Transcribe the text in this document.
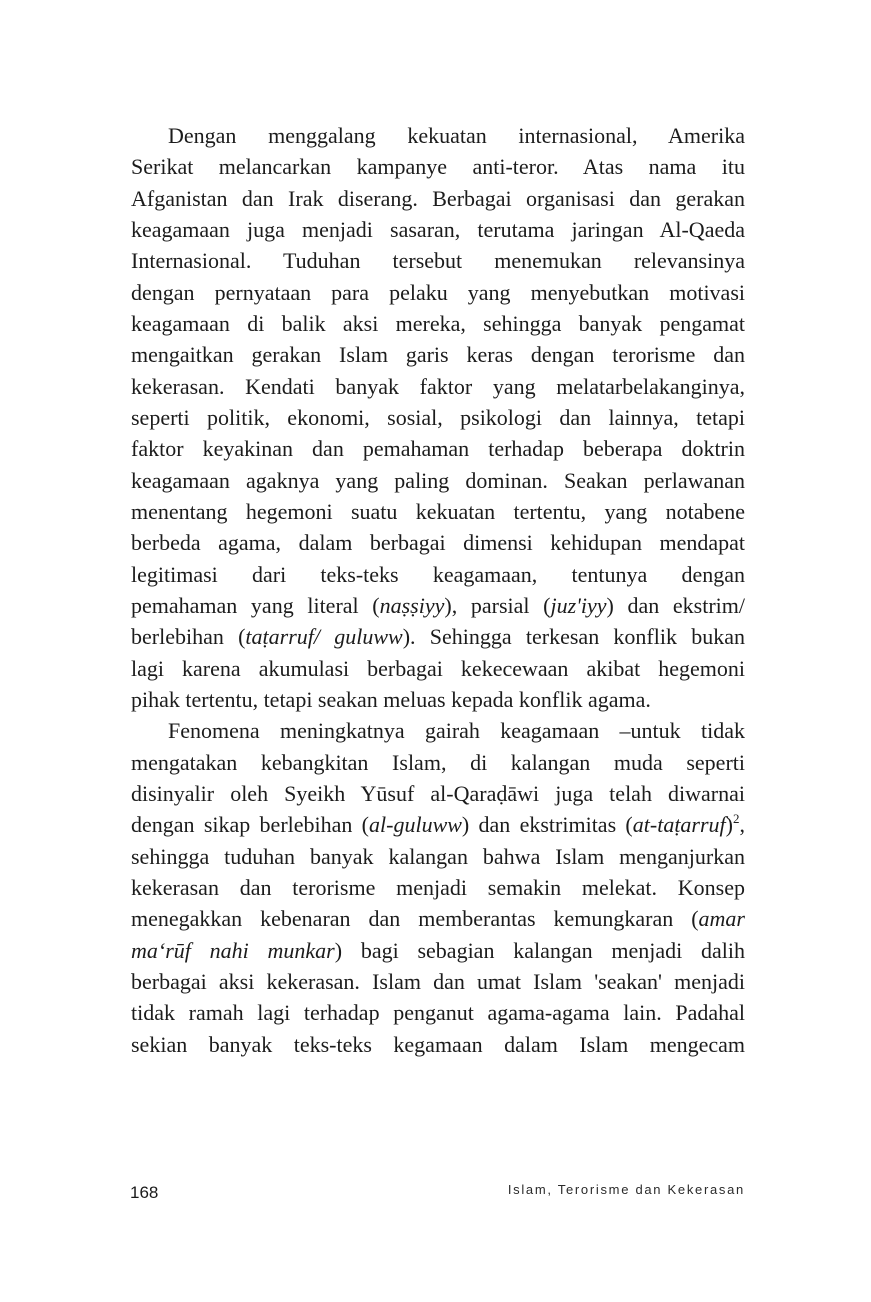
Dengan menggalang kekuatan internasional, Amerika
Serikat melancarkan kampanye anti-teror. Atas nama itu
Afganistan dan Irak diserang. Berbagai organisasi dan gerakan
keagamaan juga menjadi sasaran, terutama jaringan Al-Qaeda
Internasional. Tuduhan tersebut menemukan relevansinya
dengan pernyataan para pelaku yang menyebutkan motivasi
keagamaan di balik aksi mereka, sehingga banyak pengamat
mengaitkan gerakan Islam garis keras dengan terorisme dan
kekerasan. Kendati banyak faktor yang melatarbelakanginya,
seperti politik, ekonomi, sosial, psikologi dan lainnya, tetapi
faktor keyakinan dan pemahaman terhadap beberapa doktrin
keagamaan agaknya yang paling dominan. Seakan perlawanan
menentang hegemoni suatu kekuatan tertentu, yang notabene
berbeda agama, dalam berbagai dimensi kehidupan mendapat
legitimasi dari teks-teks keagamaan, tentunya dengan
pemahaman yang literal (naṣṣiyy), parsial (juz'iyy) dan ekstrim/
berlebihan (taṭarruf/ guluww). Sehingga terkesan konflik bukan
lagi karena akumulasi berbagai kekecewaan akibat hegemoni
pihak tertentu, tetapi seakan meluas kepada konflik agama.
Fenomena meningkatnya gairah keagamaan –untuk tidak
mengatakan kebangkitan Islam, di kalangan muda seperti
disinyalir oleh Syeikh Yūsuf al-Qaraḍāwi juga telah diwarnai
dengan sikap berlebihan (al-guluww) dan ekstrimitas (at-taṭarruf)$^2$,
sehingga tuduhan banyak kalangan bahwa Islam menganjurkan
kekerasan dan terorisme menjadi semakin melekat. Konsep
menegakkan kebenaran dan memberantas kemungkaran (amar
ma‘rūf nahi munkar) bagi sebagian kalangan menjadi dalih
berbagai aksi kekerasan. Islam dan umat Islam 'seakan' menjadi
tidak ramah lagi terhadap penganut agama-agama lain. Padahal
sekian banyak teks-teks kegamaan dalam Islam mengecam
168	Islam, Terorisme dan Kekerasan
